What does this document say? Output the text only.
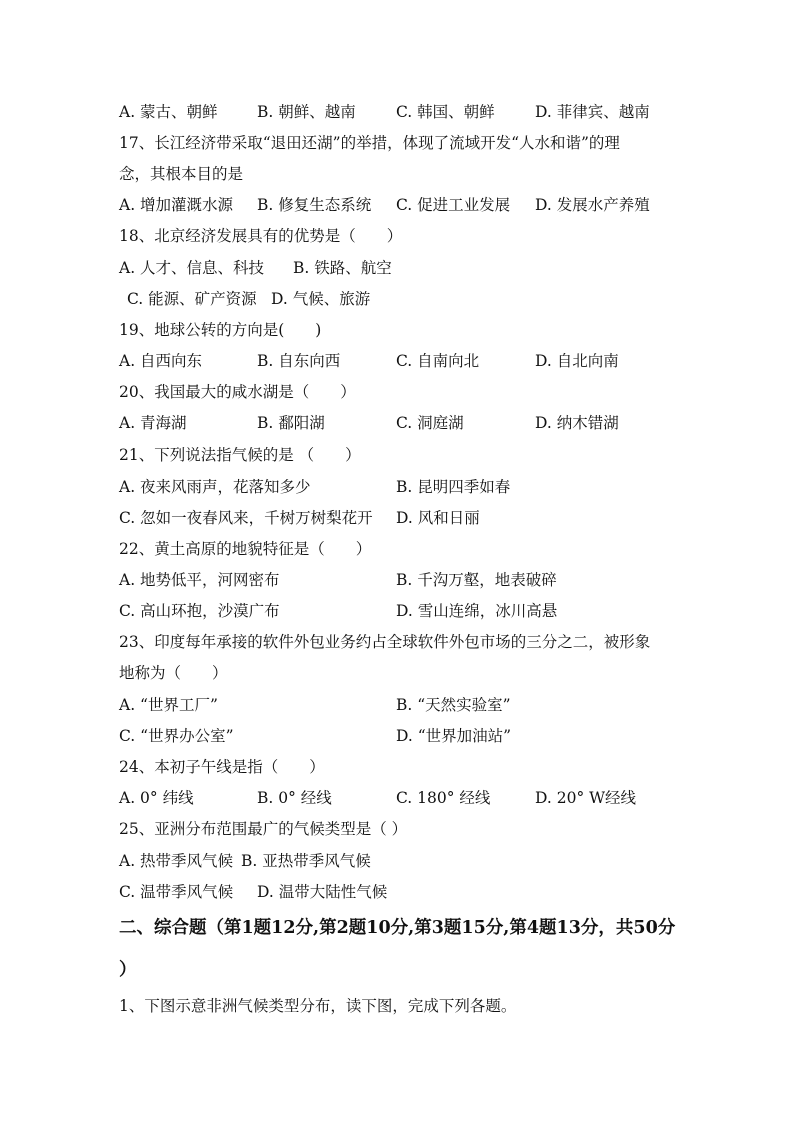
A. 蒙古、朝鲜	B. 朝鲜、越南	C. 韩国、朝鲜	D. 菲律宾、越南
17、长江经济带采取“退田还湖”的举措，体现了流域开发“人水和谐”的理
念，其根本目的是
A. 增加灌溉水源 B. 修复生态系统 C. 促进工业发展 D. 发展水产养殖
18、北京经济发展具有的优势是（　　）
A. 人才、信息、科技 B. 铁路、航空
C. 能源、矿产资源 D. 气候、旅游
19、地球公转的方向是(　　)
A. 自西向东	B. 自东向西	C. 自南向北	D. 自北向南
20、我国最大的咸水湖是（　　）
A. 青海湖	B. 鄱阳湖	C. 洞庭湖	D. 纳木错湖
21、下列说法指气候的是 （　　）
A. 夜来风雨声，花落知多少	B. 昆明四季如春
C. 忽如一夜春风来，千树万树梨花开 D. 风和日丽
22、黄土高原的地貌特征是（　　）
A. 地势低平，河网密布	B. 千沟万壑，地表破碎
C. 高山环抱，沙漠广布	D. 雪山连绵，冰川高悬
23、印度每年承接的软件外包业务约占全球软件外包市场的三分之二，被形象
地称为（　　）
A. “世界工厂”	B. “天然实验室”
C. “世界办公室”	D. “世界加油站”
24、本初子午线是指（　　）
A. 0° 纬线	B. 0° 经线	C. 180° 经线	D. 20° W经线
25、亚洲分布范围最广的气候类型是（ ）
A. 热带季风气候 B. 亚热带季风气候
C. 温带季风气候 D. 温带大陆性气候
二、综合题（第1题12分,第2题10分,第3题15分,第4题13分，共50分
）
1、下图示意非洲气候类型分布，读下图，完成下列各题。
